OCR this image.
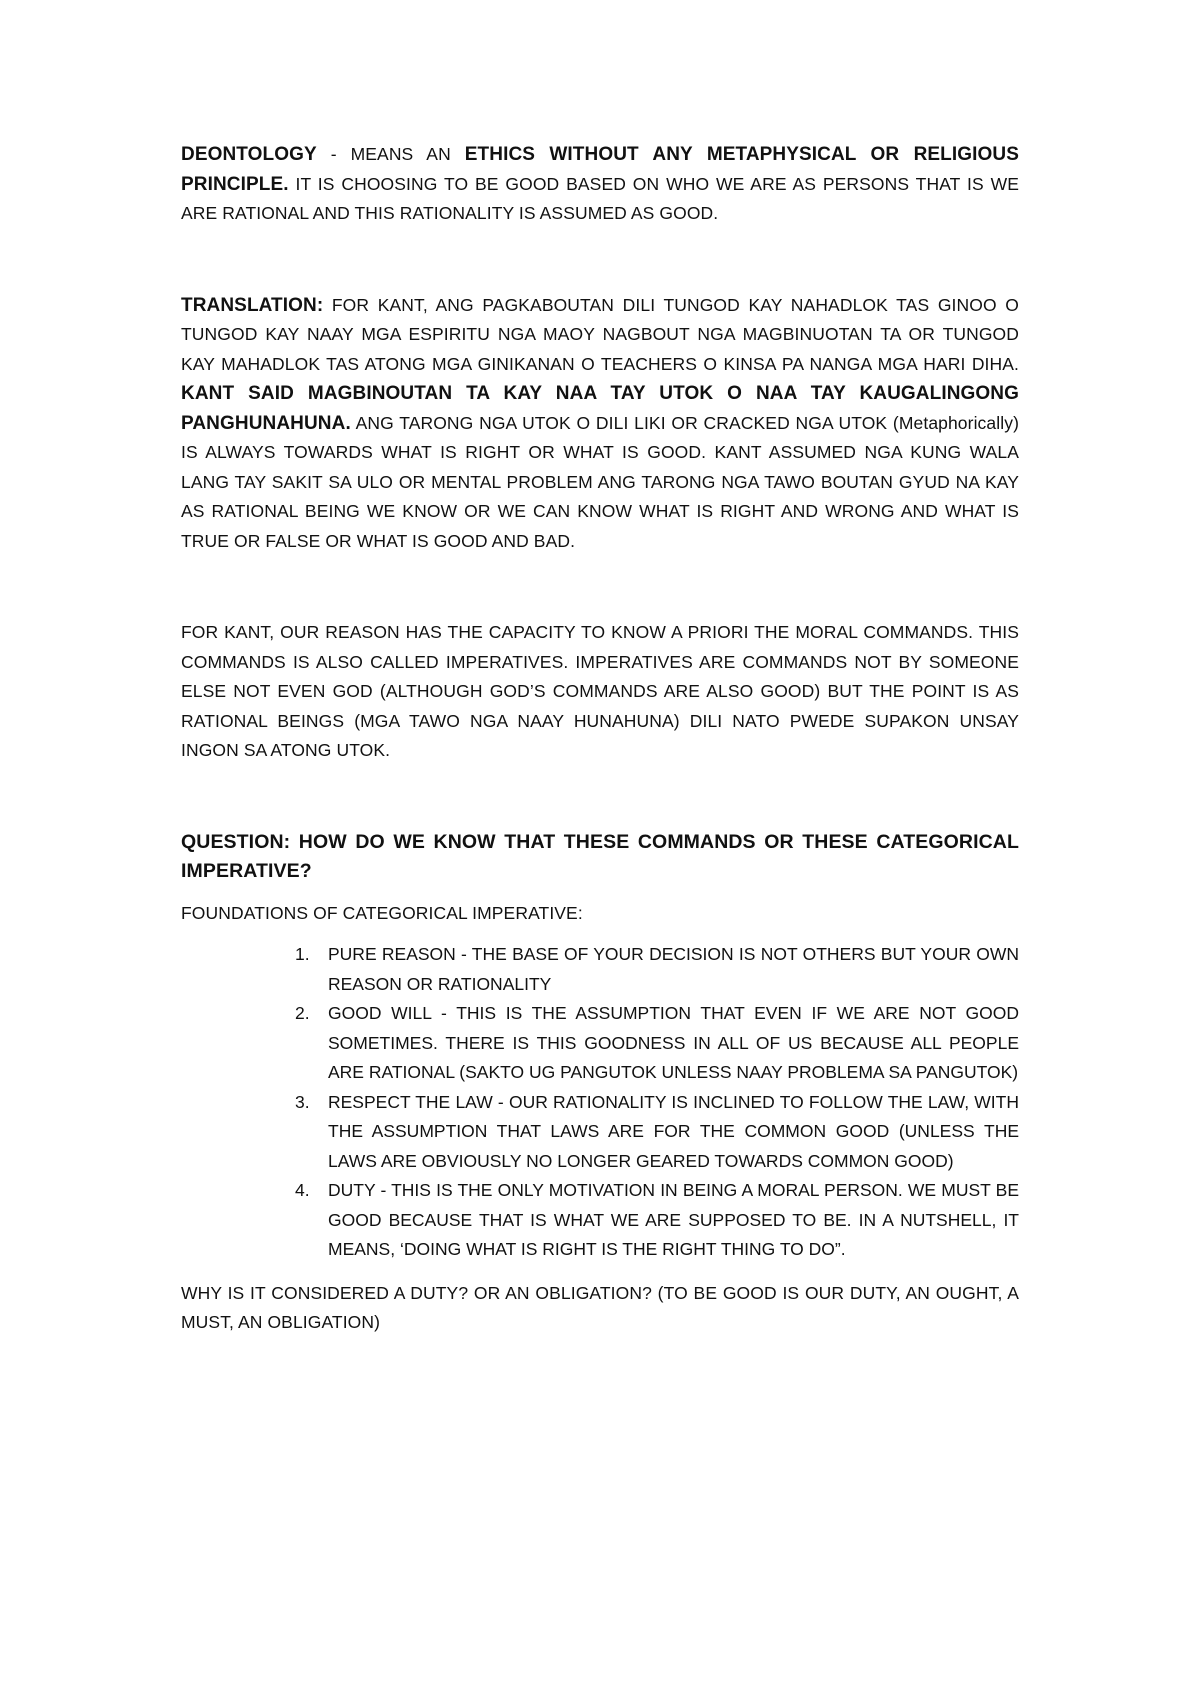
DEONTOLOGY - MEANS AN ETHICS WITHOUT ANY METAPHYSICAL OR RELIGIOUS PRINCIPLE. IT IS CHOOSING TO BE GOOD BASED ON WHO WE ARE AS PERSONS THAT IS WE ARE RATIONAL AND THIS RATIONALITY IS ASSUMED AS GOOD.

TRANSLATION: FOR KANT, ANG PAGKABOUTAN DILI TUNGOD KAY NAHADLOK TAS GINOO O TUNGOD KAY NAAY MGA ESPIRITU NGA MAOY NAGBOUT NGA MAGBINUOTAN TA OR TUNGOD KAY MAHADLOK TAS ATONG MGA GINIKANAN O TEACHERS O KINSA PA NANGA MGA HARI DIHA. KANT SAID MAGBINOUTAN TA KAY NAA TAY UTOK O NAA TAY KAUGALINGONG PANGHUNAHUNA. ANG TARONG NGA UTOK O DILI LIKI OR CRACKED NGA UTOK (Metaphorically) IS ALWAYS TOWARDS WHAT IS RIGHT OR WHAT IS GOOD. KANT ASSUMED NGA KUNG WALA LANG TAY SAKIT SA ULO OR MENTAL PROBLEM ANG TARONG NGA TAWO BOUTAN GYUD NA KAY AS RATIONAL BEING WE KNOW OR WE CAN KNOW WHAT IS RIGHT AND WRONG AND WHAT IS TRUE OR FALSE OR WHAT IS GOOD AND BAD.

FOR KANT, OUR REASON HAS THE CAPACITY TO KNOW A PRIORI THE MORAL COMMANDS. THIS COMMANDS IS ALSO CALLED IMPERATIVES. IMPERATIVES ARE COMMANDS NOT BY SOMEONE ELSE NOT EVEN GOD (ALTHOUGH GOD’S COMMANDS ARE ALSO GOOD) BUT THE POINT IS AS RATIONAL BEINGS (MGA TAWO NGA NAAY HUNAHUNA) DILI NATO PWEDE SUPAKON UNSAY INGON SA ATONG UTOK.

QUESTION: HOW DO WE KNOW THAT THESE COMMANDS OR THESE CATEGORICAL IMPERATIVE?

FOUNDATIONS OF CATEGORICAL IMPERATIVE:

1. PURE REASON - THE BASE OF YOUR DECISION IS NOT OTHERS BUT YOUR OWN REASON OR RATIONALITY
2. GOOD WILL - THIS IS THE ASSUMPTION THAT EVEN IF WE ARE NOT GOOD SOMETIMES. THERE IS THIS GOODNESS IN ALL OF US BECAUSE ALL PEOPLE ARE RATIONAL (SAKTO UG PANGUTOK UNLESS NAAY PROBLEMA SA PANGUTOK)
3. RESPECT THE LAW - OUR RATIONALITY IS INCLINED TO FOLLOW THE LAW, WITH THE ASSUMPTION THAT LAWS ARE FOR THE COMMON GOOD (UNLESS THE LAWS ARE OBVIOUSLY NO LONGER GEARED TOWARDS COMMON GOOD)
4. DUTY - THIS IS THE ONLY MOTIVATION IN BEING A MORAL PERSON. WE MUST BE GOOD BECAUSE THAT IS WHAT WE ARE SUPPOSED TO BE. IN A NUTSHELL, IT MEANS, ‘DOING WHAT IS RIGHT IS THE RIGHT THING TO DO”.

WHY IS IT CONSIDERED A DUTY? OR AN OBLIGATION? (TO BE GOOD IS OUR DUTY, AN OUGHT, A MUST, AN OBLIGATION)
